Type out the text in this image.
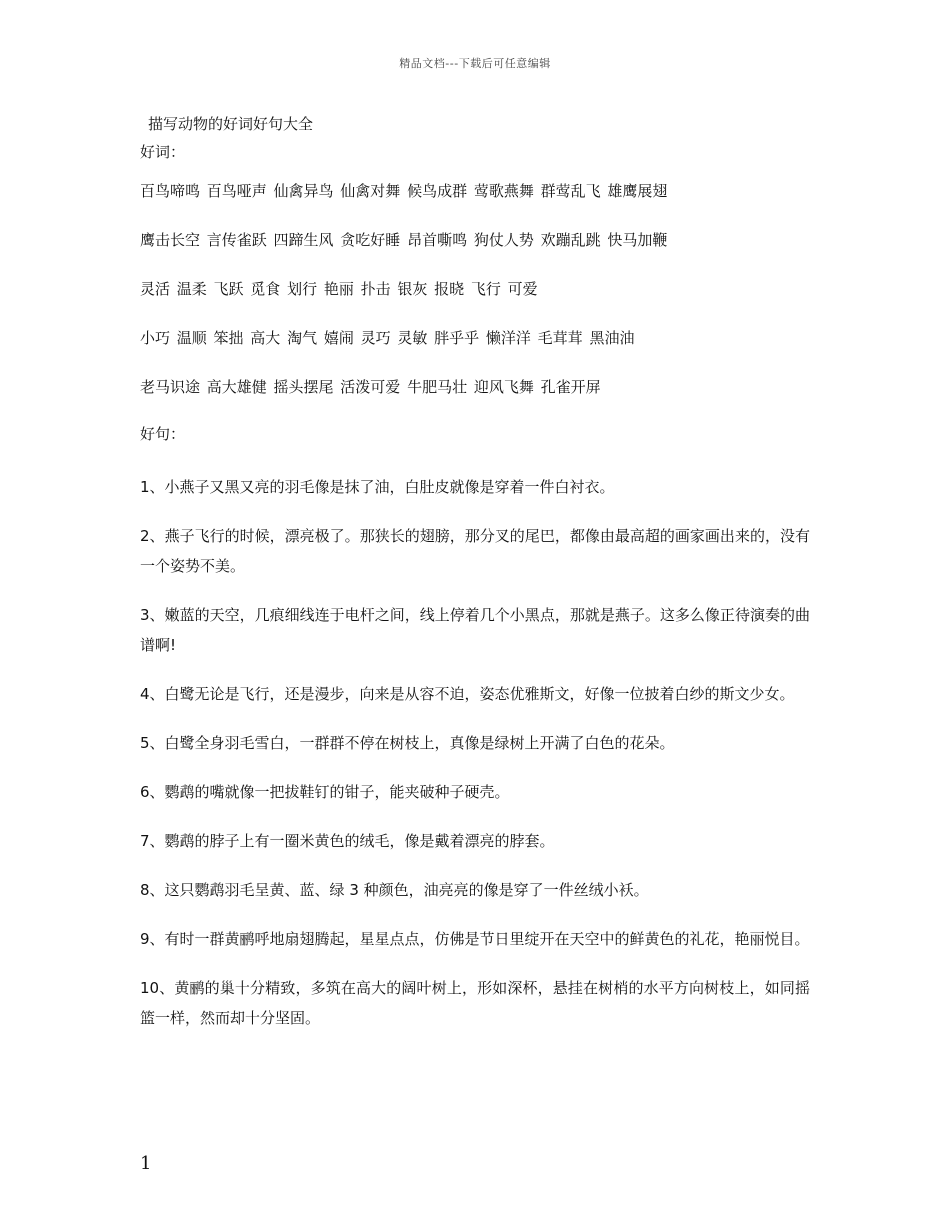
精品文档---下载后可任意编辑
描写动物的好词好句大全
好词：
百鸟啼鸣 百鸟哑声 仙禽异鸟 仙禽对舞 候鸟成群 莺歌燕舞 群莺乱飞 雄鹰展翅
鹰击长空 言传雀跃 四蹄生风 贪吃好睡 昂首嘶鸣 狗仗人势 欢蹦乱跳 快马加鞭
灵活 温柔 飞跃 觅食 划行 艳丽 扑击 银灰 报晓 飞行 可爱
小巧 温顺 笨拙 高大 淘气 嬉闹 灵巧 灵敏 胖乎乎 懒洋洋 毛茸茸 黑油油
老马识途 高大雄健 摇头摆尾 活泼可爱 牛肥马壮 迎风飞舞 孔雀开屏
好句：
1、小燕子又黑又亮的羽毛像是抹了油，白肚皮就像是穿着一件白衬衣。
2、燕子飞行的时候，漂亮极了。那狭长的翅膀，那分叉的尾巴，都像由最高超的画家画出来的，没有一个姿势不美。
3、嫩蓝的天空，几痕细线连于电杆之间，线上停着几个小黑点，那就是燕子。这多么像正待演奏的曲谱啊!
4、白鹭无论是飞行，还是漫步，向来是从容不迫，姿态优雅斯文，好像一位披着白纱的斯文少女。
5、白鹭全身羽毛雪白，一群群不停在树枝上，真像是绿树上开满了白色的花朵。
6、鹦鹉的嘴就像一把拔鞋钉的钳子，能夹破种子硬壳。
7、鹦鹉的脖子上有一圈米黄色的绒毛，像是戴着漂亮的脖套。
8、这只鹦鹉羽毛呈黄、蓝、绿 3 种颜色，油亮亮的像是穿了一件丝绒小袄。
9、有时一群黄鹂呼地扇翅腾起，星星点点，仿佛是节日里绽开在天空中的鲜黄色的礼花，艳丽悦目。
10、黄鹂的巢十分精致，多筑在高大的阔叶树上，形如深杯，悬挂在树梢的水平方向树枝上，如同摇篮一样，然而却十分坚固。
1
